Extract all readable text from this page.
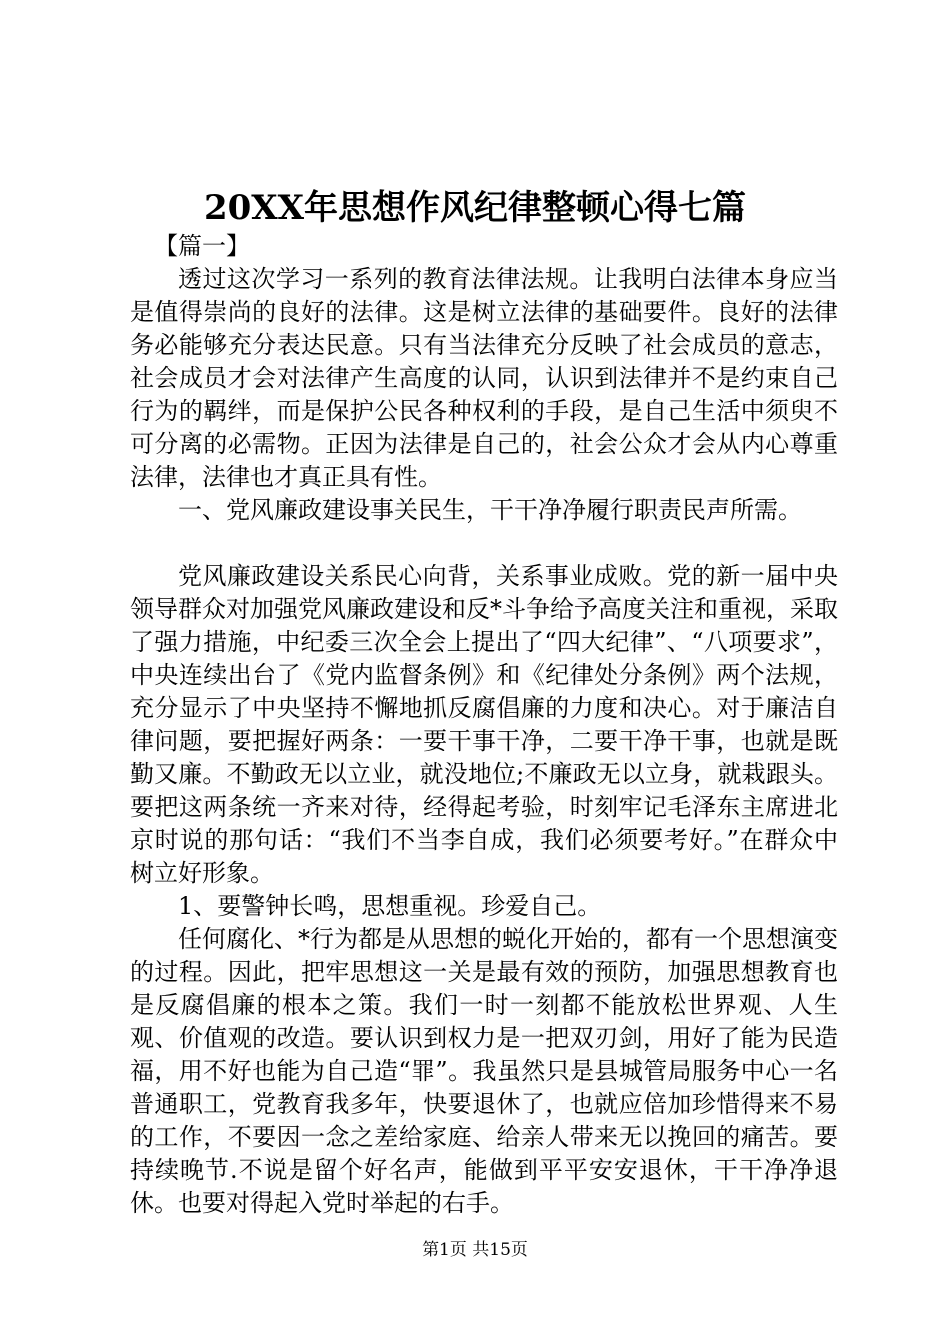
20XX年思想作风纪律整顿心得七篇

【篇一】

透过这次学习一系列的教育法律法规。让我明白法律本身应当是值得崇尚的良好的法律。这是树立法律的基础要件。良好的法律务必能够充分表达民意。只有当法律充分反映了社会成员的意志，社会成员才会对法律产生高度的认同，认识到法律并不是约束自己行为的羁绊，而是保护公民各种权利的手段，是自己生活中须臾不可分离的必需物。正因为法律是自己的，社会公众才会从内心尊重法律，法律也才真正具有性。

一、党风廉政建设事关民生，干干净净履行职责民声所需。

党风廉政建设关系民心向背，关系事业成败。党的新一届中央领导群众对加强党风廉政建设和反*斗争给予高度关注和重视，采取了强力措施，中纪委三次全会上提出了“四大纪律”、“八项要求”，中央连续出台了《党内监督条例》和《纪律处分条例》两个法规，充分显示了中央坚持不懈地抓反腐倡廉的力度和决心。对于廉洁自律问题，要把握好两条：一要干事干净，二要干净干事，也就是既勤又廉。不勤政无以立业，就没地位;不廉政无以立身，就栽跟头。要把这两条统一齐来对待，经得起考验，时刻牢记毛泽东主席进北京时说的那句话：“我们不当李自成，我们必须要考好。”在群众中树立好形象。

1、要警钟长鸣，思想重视。珍爱自己。

任何腐化、*行为都是从思想的蜕化开始的，都有一个思想演变的过程。因此，把牢思想这一关是最有效的预防，加强思想教育也是反腐倡廉的根本之策。我们一时一刻都不能放松世界观、人生观、价值观的改造。要认识到权力是一把双刃剑，用好了能为民造福，用不好也能为自己造“罪”。我虽然只是县城管局服务中心一名普通职工，党教育我多年，快要退休了，也就应倍加珍惜得来不易的工作，不要因一念之差给家庭、给亲人带来无以挽回的痛苦。要持续晚节.不说是留个好名声，能做到平平安安退休，干干净净退休。也要对得起入党时举起的右手。

第1页 共15页
